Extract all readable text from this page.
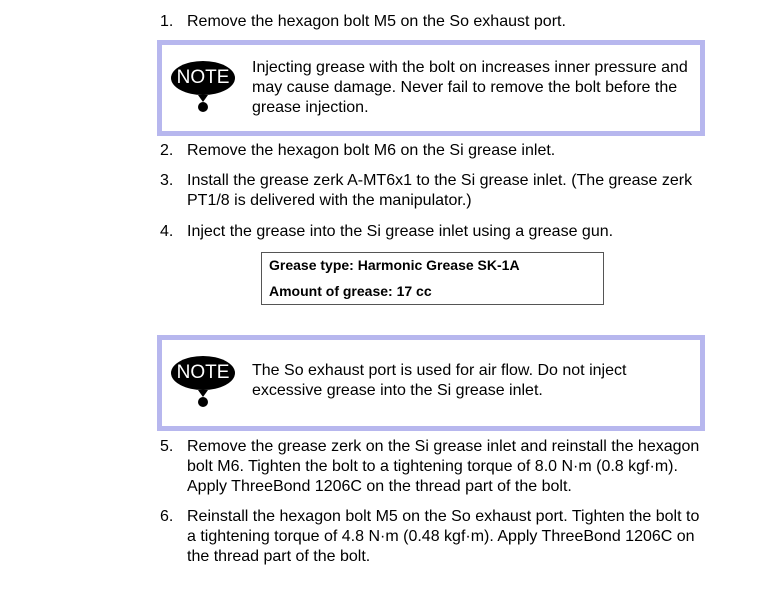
1. Remove the hexagon bolt M5 on the So exhaust port.
NOTE	Injecting grease with the bolt on increases inner pressure and may cause damage. Never fail to remove the bolt before the grease injection.
2. Remove the hexagon bolt M6 on the Si grease inlet.
3. Install the grease zerk A-MT6x1 to the Si grease inlet. (The grease zerk PT1/8 is delivered with the manipulator.)
4. Inject the grease into the Si grease inlet using a grease gun.
Grease type: Harmonic Grease SK-1A
Amount of grease: 17 cc
NOTE	The So exhaust port is used for air flow. Do not inject excessive grease into the Si grease inlet.
5. Remove the grease zerk on the Si grease inlet and reinstall the hexagon bolt M6. Tighten the bolt to a tightening torque of 8.0 N·m (0.8 kgf·m). Apply ThreeBond 1206C on the thread part of the bolt.
6. Reinstall the hexagon bolt M5 on the So exhaust port. Tighten the bolt to a tightening torque of 4.8 N·m (0.48 kgf·m). Apply ThreeBond 1206C on the thread part of the bolt.
